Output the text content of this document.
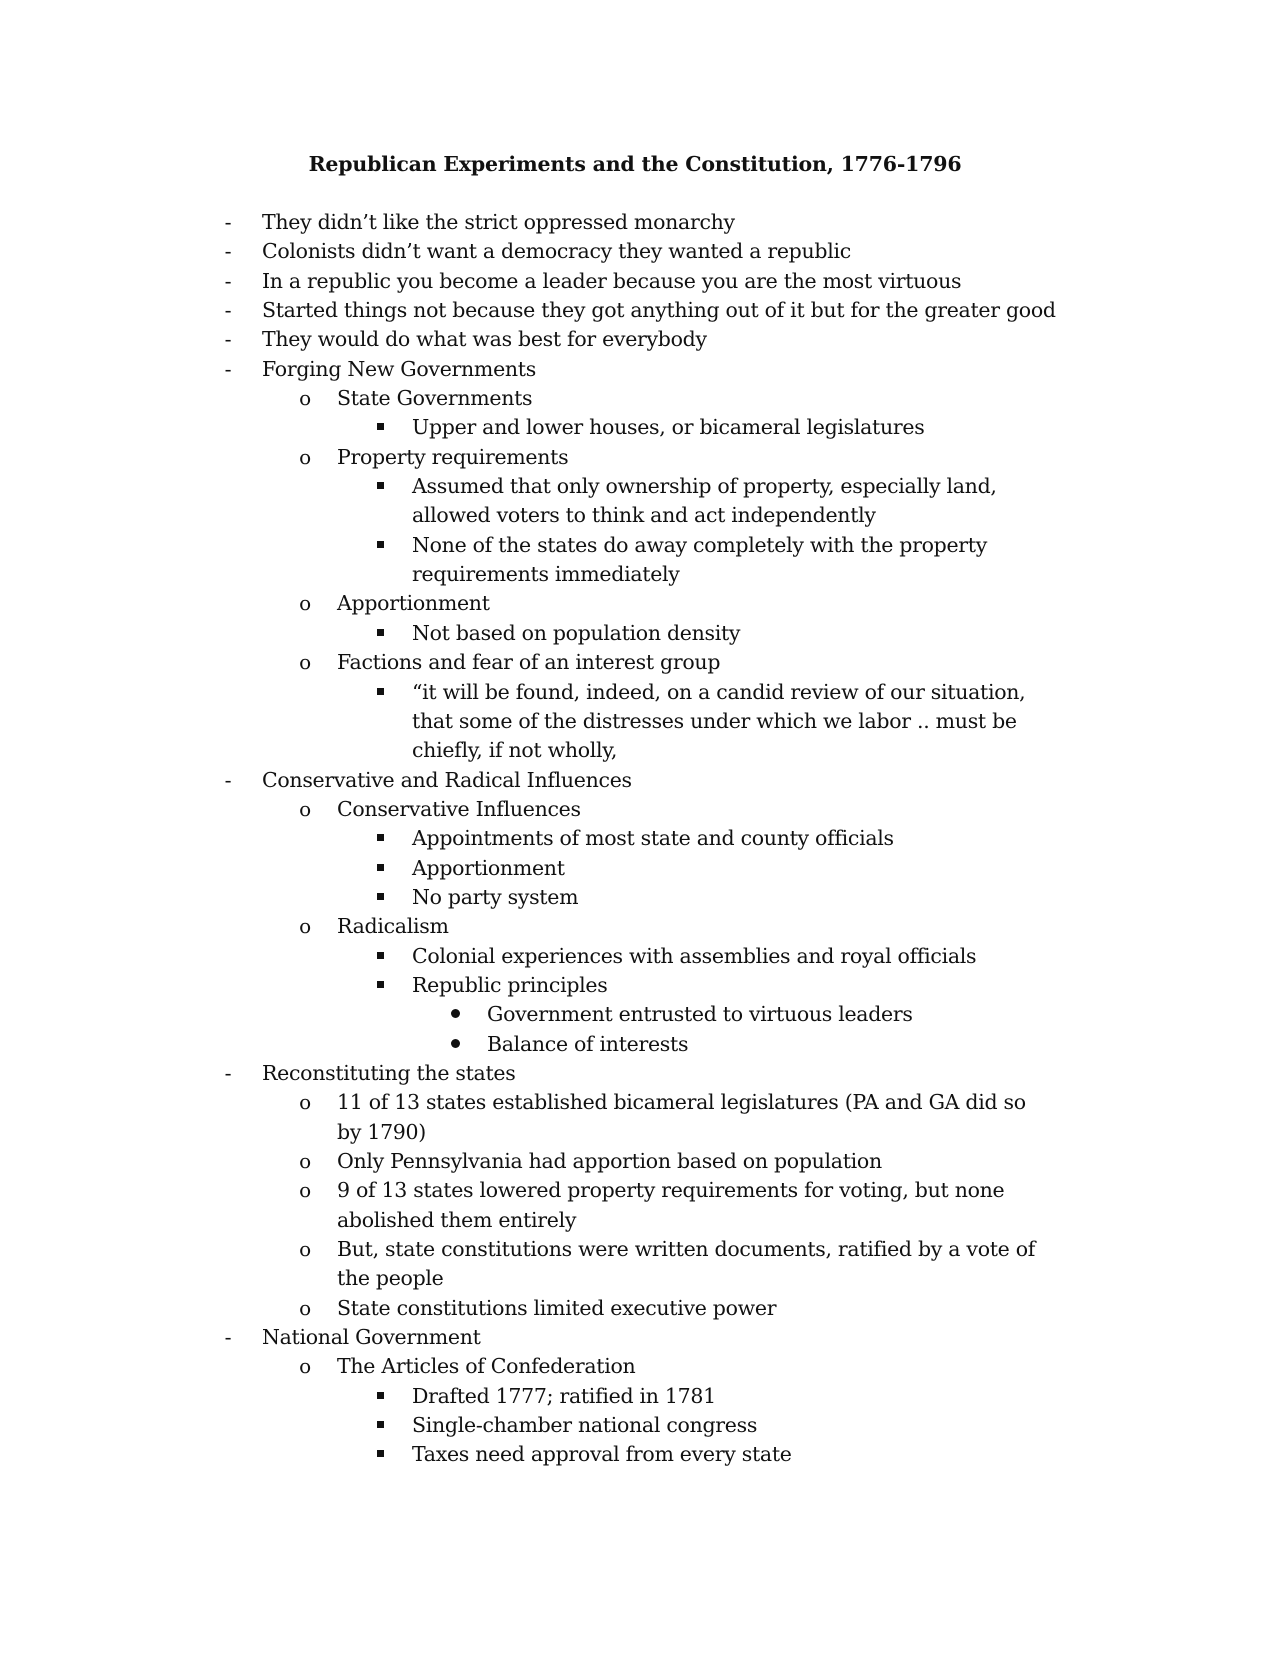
Republican Experiments and the Constitution, 1776-1796
- They didn’t like the strict oppressed monarchy
- Colonists didn’t want a democracy they wanted a republic
- In a republic you become a leader because you are the most virtuous
- Started things not because they got anything out of it but for the greater good
- They would do what was best for everybody
- Forging New Governments
o State Governments
Upper and lower houses, or bicameral legislatures
o Property requirements
Assumed that only ownership of property, especially land,
allowed voters to think and act independently
None of the states do away completely with the property
requirements immediately
o Apportionment
Not based on population density
o Factions and fear of an interest group
“it will be found, indeed, on a candid review of our situation,
that some of the distresses under which we labor .. must be
chiefly, if not wholly,
- Conservative and Radical Influences
o Conservative Influences
Appointments of most state and county officials
Apportionment
No party system
o Radicalism
Colonial experiences with assemblies and royal officials
Republic principles
Government entrusted to virtuous leaders
Balance of interests
- Reconstituting the states
o 11 of 13 states established bicameral legislatures (PA and GA did so
by 1790)
o Only Pennsylvania had apportion based on population
o 9 of 13 states lowered property requirements for voting, but none
abolished them entirely
o But, state constitutions were written documents, ratified by a vote of
the people
o State constitutions limited executive power
- National Government
o The Articles of Confederation
Drafted 1777; ratified in 1781
Single-chamber national congress
Taxes need approval from every state
